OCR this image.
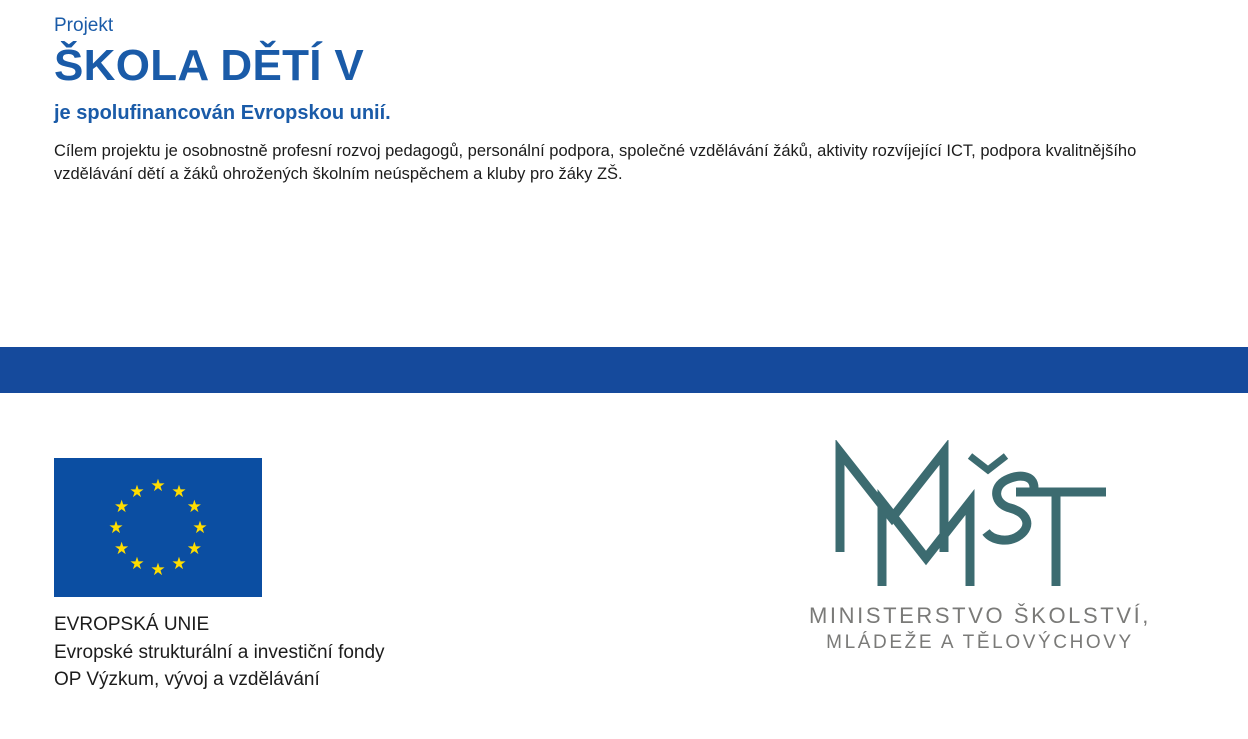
Projekt

ŠKOLA DĚTÍ V
je spolufinancován Evropskou unií.

Cílem projektu je osobnostně profesní rozvoj pedagogů, personální podpora, společné vzdělávání žáků, aktivity rozvíjející ICT, podpora kvalitnějšího vzdělávání dětí a žáků ohrožených školním neúspěchem a kluby pro žáky ZŠ.

★ ★
★
★
★
★
★
★
★
★
★
★
EVROPSKÁ UNIE
Evropské strukturální a investiční fondy
OP Výzkum, vývoj a vzdělávání
MINISTERSTVO ŠKOLSTVÍ,
MLÁDEŽE A TĚLOVÝCHOVY
